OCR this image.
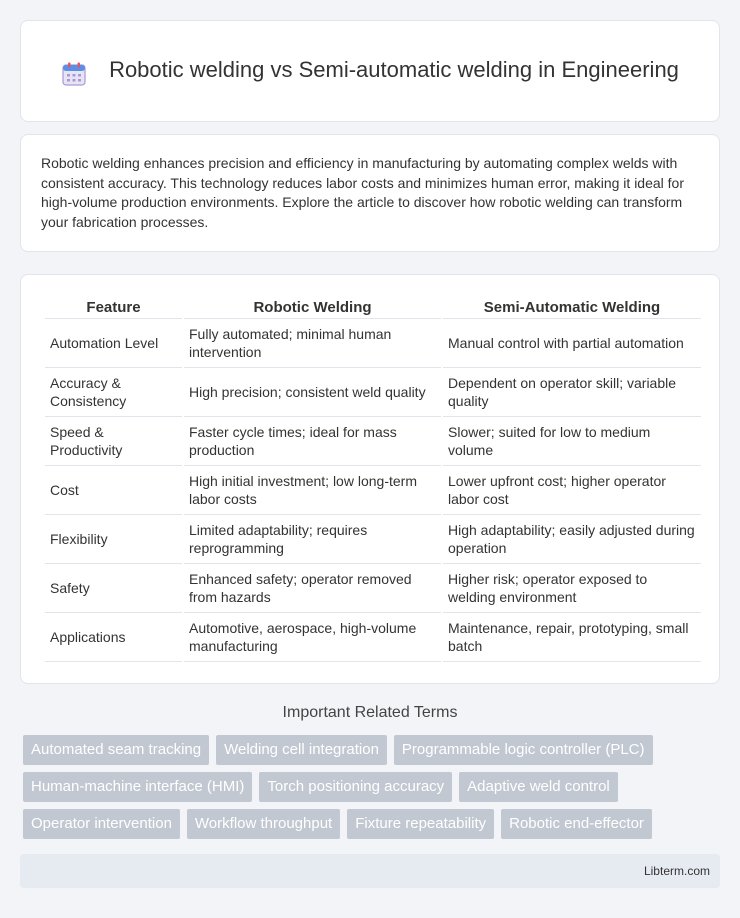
Robotic welding vs Semi-automatic welding in Engineering

Robotic welding enhances precision and efficiency in manufacturing by automating complex welds with consistent accuracy. This technology reduces labor costs and minimizes human error, making it ideal for high-volume production environments. Explore the article to discover how robotic welding can transform your fabrication processes.

Feature	Robotic Welding	Semi-Automatic Welding
Automation Level	Fully automated; minimal human intervention	Manual control with partial automation
Accuracy & Consistency	High precision; consistent weld quality	Dependent on operator skill; variable quality
Speed & Productivity	Faster cycle times; ideal for mass production	Slower; suited for low to medium volume
Cost	High initial investment; low long-term labor costs	Lower upfront cost; higher operator labor cost
Flexibility	Limited adaptability; requires reprogramming	High adaptability; easily adjusted during operation
Safety	Enhanced safety; operator removed from hazards	Higher risk; operator exposed to welding environment
Applications	Automotive, aerospace, high-volume manufacturing	Maintenance, repair, prototyping, small batch
Important Related Terms
Automated seam tracking	Welding cell integration	Programmable logic controller (PLC)
Human-machine interface (HMI)	Torch positioning accuracy	Adaptive weld control
Operator intervention	Workflow throughput	Fixture repeatability	Robotic end-effector
Libterm.com
